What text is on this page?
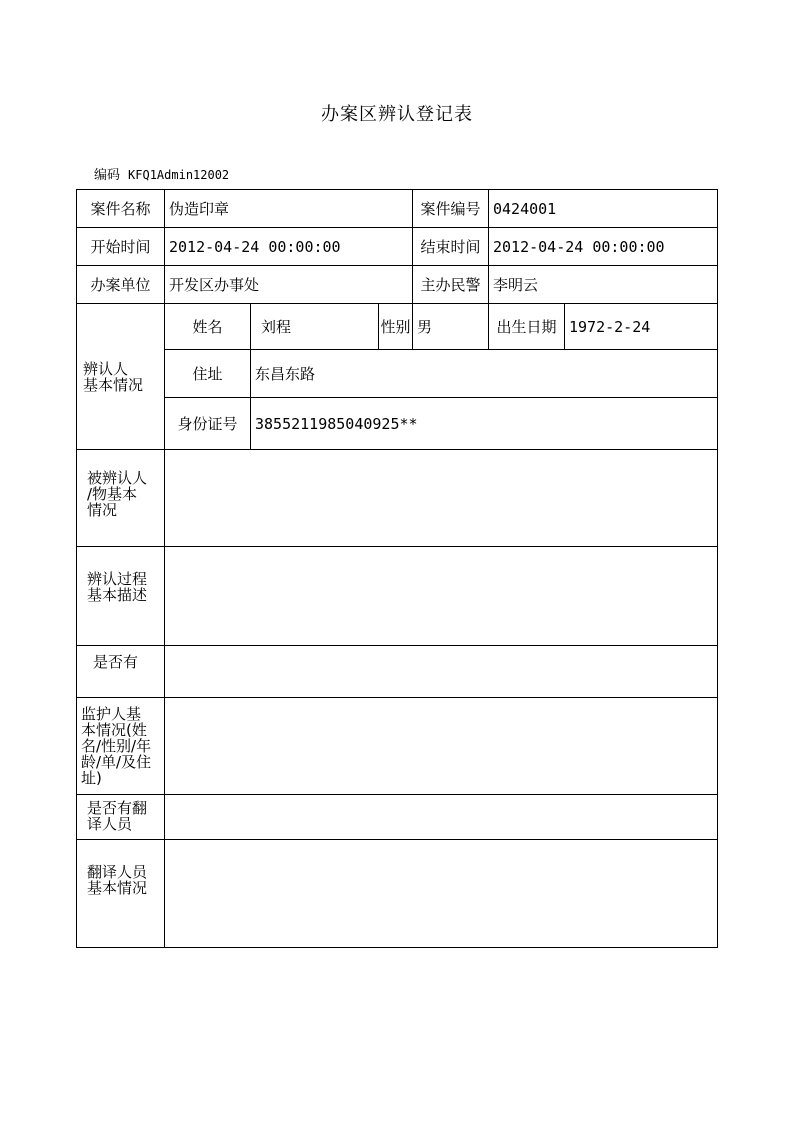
办案区辨认登记表
编码 KFQ1Admin12002
案件名称	伪造印章			案件编号	0424001	
开始时间	2012-04-24 00:00:00			结束时间	2012-04-24 00:00:00	
办案单位	开发区办事处			主办民警	李明云	
辨认人
基本情况	姓名	刘程	性别	男	出生日期	1972-2-24
	住址	东昌东路				
	身份证号	3855211985040925**				
被辨认人
/物基本
情况						
辨认过程
基本描述						
是否有						
监护人基
本情况(姓
名/性别/年
龄/单/及住
址)						
是否有翻
译人员						
翻译人员
基本情况						
